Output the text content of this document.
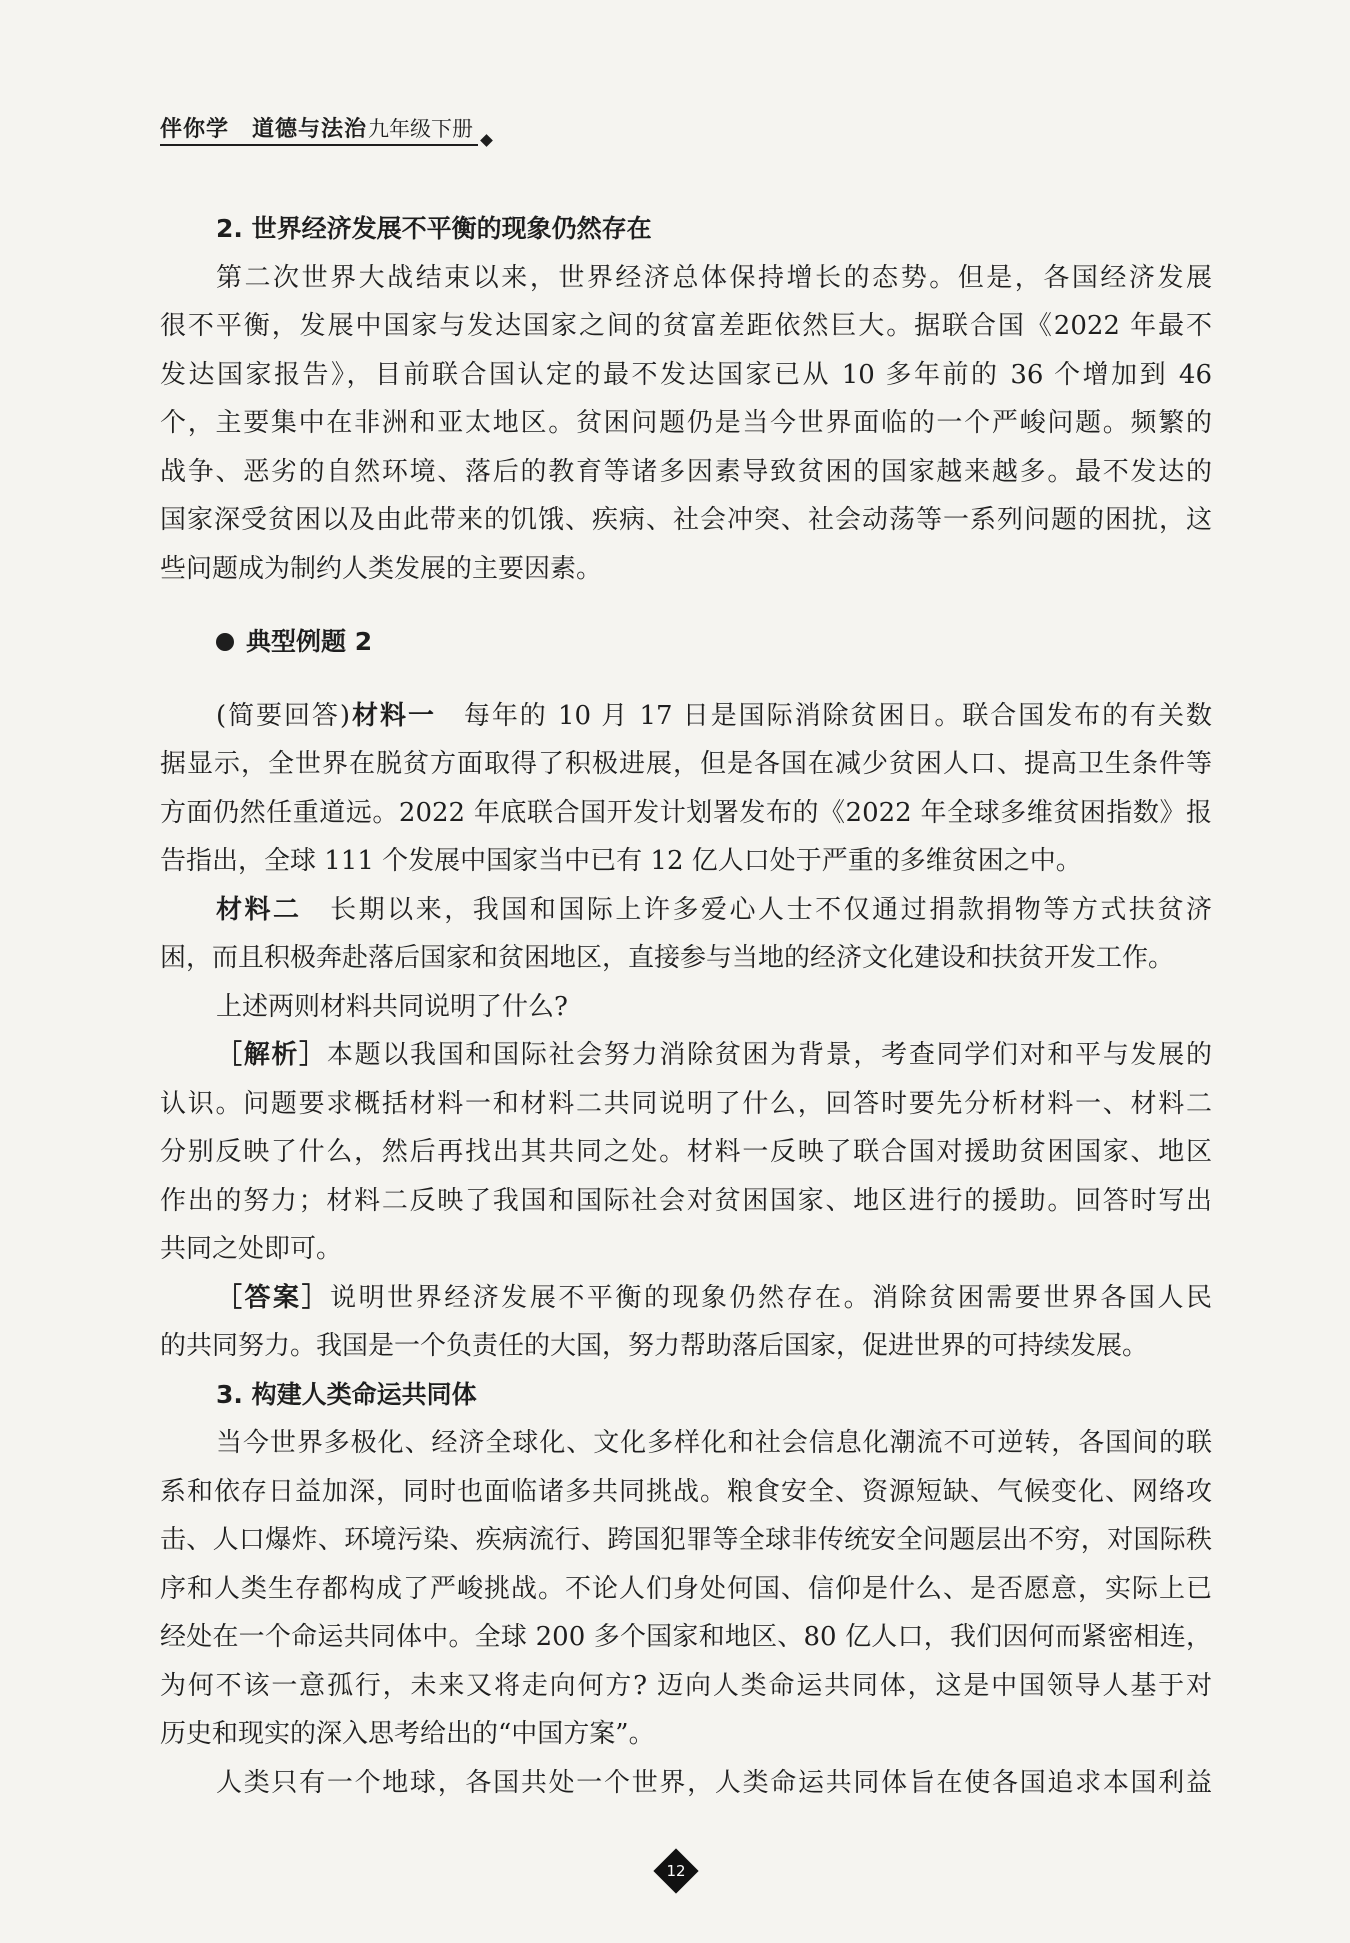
伴你学 道德与法治 九年级下册
2. 世界经济发展不平衡的现象仍然存在
第二次世界大战结束以来，世界经济总体保持增长的态势。但是，各国经济发展
很不平衡，发展中国家与发达国家之间的贫富差距依然巨大。据联合国《2022 年最不
发达国家报告》，目前联合国认定的最不发达国家已从 10 多年前的 36 个增加到 46
个，主要集中在非洲和亚太地区。贫困问题仍是当今世界面临的一个严峻问题。频繁的
战争、恶劣的自然环境、落后的教育等诸多因素导致贫困的国家越来越多。最不发达的
国家深受贫困以及由此带来的饥饿、疾病、社会冲突、社会动荡等一系列问题的困扰，这
些问题成为制约人类发展的主要因素。
典型例题 2
(简要回答)材料一  每年的 10 月 17 日是国际消除贫困日。联合国发布的有关数
据显示，全世界在脱贫方面取得了积极进展，但是各国在减少贫困人口、提高卫生条件等
方面仍然任重道远。2022 年底联合国开发计划署发布的《2022 年全球多维贫困指数》报
告指出，全球 111 个发展中国家当中已有 12 亿人口处于严重的多维贫困之中。
材料二  长期以来，我国和国际上许多爱心人士不仅通过捐款捐物等方式扶贫济
困，而且积极奔赴落后国家和贫困地区，直接参与当地的经济文化建设和扶贫开发工作。
上述两则材料共同说明了什么?
［解析］本题以我国和国际社会努力消除贫困为背景，考查同学们对和平与发展的
认识。问题要求概括材料一和材料二共同说明了什么，回答时要先分析材料一、材料二
分别反映了什么，然后再找出其共同之处。材料一反映了联合国对援助贫困国家、地区
作出的努力；材料二反映了我国和国际社会对贫困国家、地区进行的援助。回答时写出
共同之处即可。
［答案］说明世界经济发展不平衡的现象仍然存在。消除贫困需要世界各国人民
的共同努力。我国是一个负责任的大国，努力帮助落后国家，促进世界的可持续发展。
3. 构建人类命运共同体
当今世界多极化、经济全球化、文化多样化和社会信息化潮流不可逆转，各国间的联
系和依存日益加深，同时也面临诸多共同挑战。粮食安全、资源短缺、气候变化、网络攻
击、人口爆炸、环境污染、疾病流行、跨国犯罪等全球非传统安全问题层出不穷，对国际秩
序和人类生存都构成了严峻挑战。不论人们身处何国、信仰是什么、是否愿意，实际上已
经处在一个命运共同体中。全球 200 多个国家和地区、80 亿人口，我们因何而紧密相连，
为何不该一意孤行，未来又将走向何方? 迈向人类命运共同体，这是中国领导人基于对
历史和现实的深入思考给出的“中国方案”。
人类只有一个地球，各国共处一个世界，人类命运共同体旨在使各国追求本国利益
12
